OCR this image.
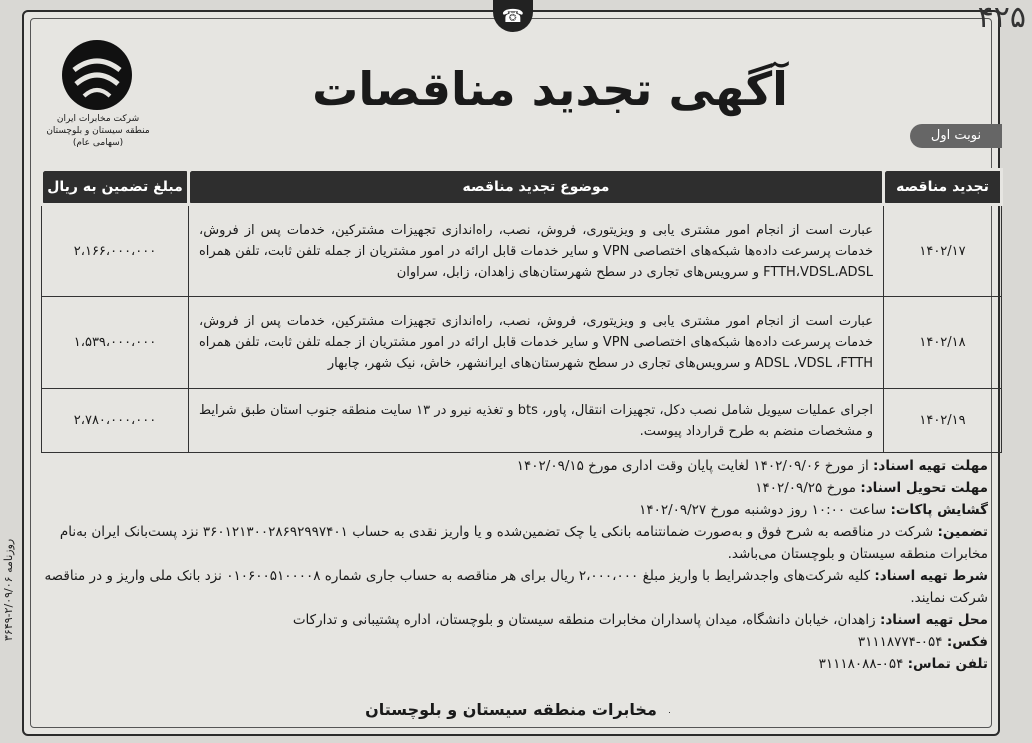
۴۲۵
☎
شرکت مخابرات ایران
منطقه سیستان و بلوچستان
(سهامی عام)
آگهی تجدید مناقصات
نوبت اول
تجدید مناقصه	موضوع تجدید مناقصه	مبلغ تضمین به ریال
۱۴۰۲/۱۷	عبارت است از انجام امور مشتری یابی و ویزیتوری، فروش، نصب، راه‌اندازی تجهیزات مشترکین، خدمات پس از فروش، خدمات پرسرعت داده‌ها شبکه‌های اختصاصی VPN و سایر خدمات قابل ارائه در امور مشتریان از جمله تلفن ثابت، تلفن همراه FTTH،VDSL،ADSL و سرویس‌های تجاری در سطح شهرستان‌های زاهدان، زابل، سراوان	۲،۱۶۶،۰۰۰،۰۰۰
۱۴۰۲/۱۸	عبارت است از انجام امور مشتری یابی و ویزیتوری، فروش، نصب، راه‌اندازی تجهیزات مشترکین، خدمات پس از فروش، خدمات پرسرعت داده‌ها شبکه‌های اختصاصی VPN و سایر خدمات قابل ارائه در امور مشتریان از جمله تلفن ثابت، تلفن همراه ADSL ،VDSL ،FTTH و سرویس‌های تجاری در سطح شهرستان‌های ایرانشهر، خاش، نیک شهر، چابهار	۱،۵۳۹،۰۰۰،۰۰۰
۱۴۰۲/۱۹	اجرای عملیات سیویل شامل نصب دکل، تجهیزات انتقال، پاور، bts و تغذیه نیرو در ۱۳ سایت منطقه جنوب استان طبق شرایط و مشخصات منضم به طرح قرارداد پیوست.	۲،۷۸۰،۰۰۰،۰۰۰

مهلت تهیه اسناد: از مورخ ۱۴۰۲/۰۹/۰۶ لغایت پایان وقت اداری مورخ ۱۴۰۲/۰۹/۱۵

مهلت تحویل اسناد: مورخ ۱۴۰۲/۰۹/۲۵

گشایش پاکات: ساعت ۱۰:۰۰ روز دوشنبه مورخ ۱۴۰۲/۰۹/۲۷

تضمین: شرکت در مناقصه به شرح فوق و به‌صورت ضمانتنامه بانکی یا چک تضمین‌شده و یا واریز نقدی به حساب ۳۶۰۱۲۱۳۰۰۲۸۶۹۲۹۹۷۴۰۱ نزد پست‌بانک ایران به‌نام مخابرات منطقه سیستان و بلوچستان می‌باشد.

شرط تهیه اسناد: کلیه شرکت‌های واجدشرایط با واریز مبلغ ۲،۰۰۰،۰۰۰ ریال برای هر مناقصه به حساب جاری شماره ۰۱۰۶۰۰۵۱۰۰۰۰۸ نزد بانک ملی واریز و در مناقصه شرکت نمایند.

محل تهیه اسناد: زاهدان، خیابان دانشگاه، میدان پاسداران مخابرات منطقه سیستان و بلوچستان، اداره پشتیبانی و تدارکات

فکس: ۰۵۴-۳۱۱۱۸۷۷۴

تلفن تماس: ۰۵۴-۳۱۱۱۸۰۸۸

روزنامه ۲/۰۹/۰۶-۳۶۴۹
مخابرات منطقه سیستان و بلوچستان
